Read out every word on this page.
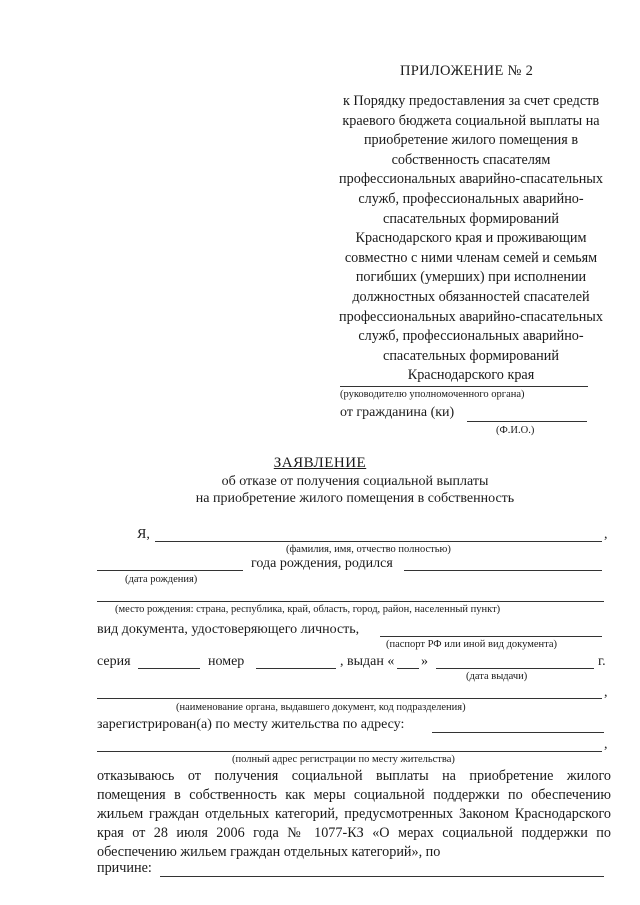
ПРИЛОЖЕНИЕ № 2
к Порядку предоставления за счет средств
краевого бюджета социальной выплаты на
приобретение жилого помещения в
собственность спасателям
профессиональных аварийно-спасательных
служб, профессиональных аварийно-
спасательных формирований
Краснодарского края и проживающим
совместно с ними членам семей и семьям
погибших (умерших) при исполнении
должностных обязанностей спасателей
профессиональных аварийно-спасательных
служб, профессиональных аварийно-
спасательных формирований
Краснодарского края
(руководителю уполномоченного органа)
от гражданина (ки)
(Ф.И.О.)
ЗАЯВЛЕНИЕ
об отказе от получения социальной выплаты
на приобретение жилого помещения в собственность
Я,	,
(фамилия, имя, отчество полностью)
года рождения, родился
(дата рождения)
(место рождения: страна, республика, край, область, город, район, населенный пункт)
вид документа, удостоверяющего личность,
(паспорт РФ или иной вид документа)
серия	номер	, выдан « »	г.
(дата выдачи)
,
(наименование органа, выдавшего документ, код подразделения)
зарегистрирован(а) по месту жительства по адресу:
,
(полный адрес регистрации по месту жительства)
отказываюсь от получения социальной выплаты на приобретение жилого помещения в собственность как меры социальной поддержки по обеспечению жильем граждан отдельных категорий, предусмотренных Законом Краснодарского края от 28 июля 2006 года № 1077-КЗ «О мерах социальной поддержки по обеспечению жильем граждан отдельных категорий», по
причине:
